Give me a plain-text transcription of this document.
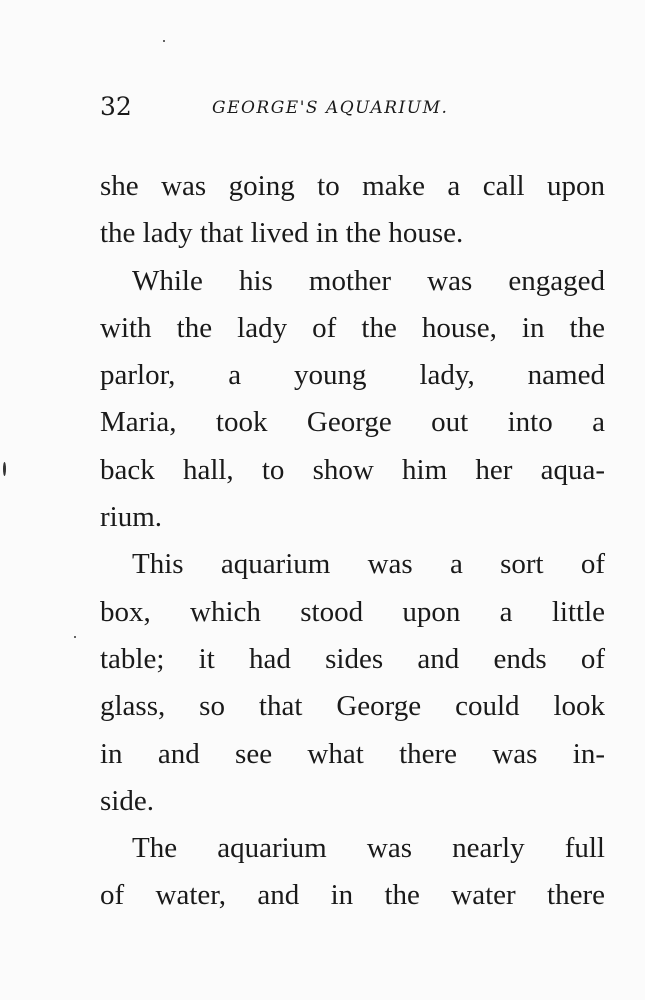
32	GEORGE'S AQUARIUM.

she was going to make a call upon
the lady that lived in the house.

While his mother was engaged
with the lady of the house, in the
parlor, a young lady, named
Maria, took George out into a
back hall, to show him her aqua-
rium.

This aquarium was a sort of
box, which stood upon a little
table; it had sides and ends of
glass, so that George could look
in and see what there was in-
side.

The aquarium was nearly full
of water, and in the water there
